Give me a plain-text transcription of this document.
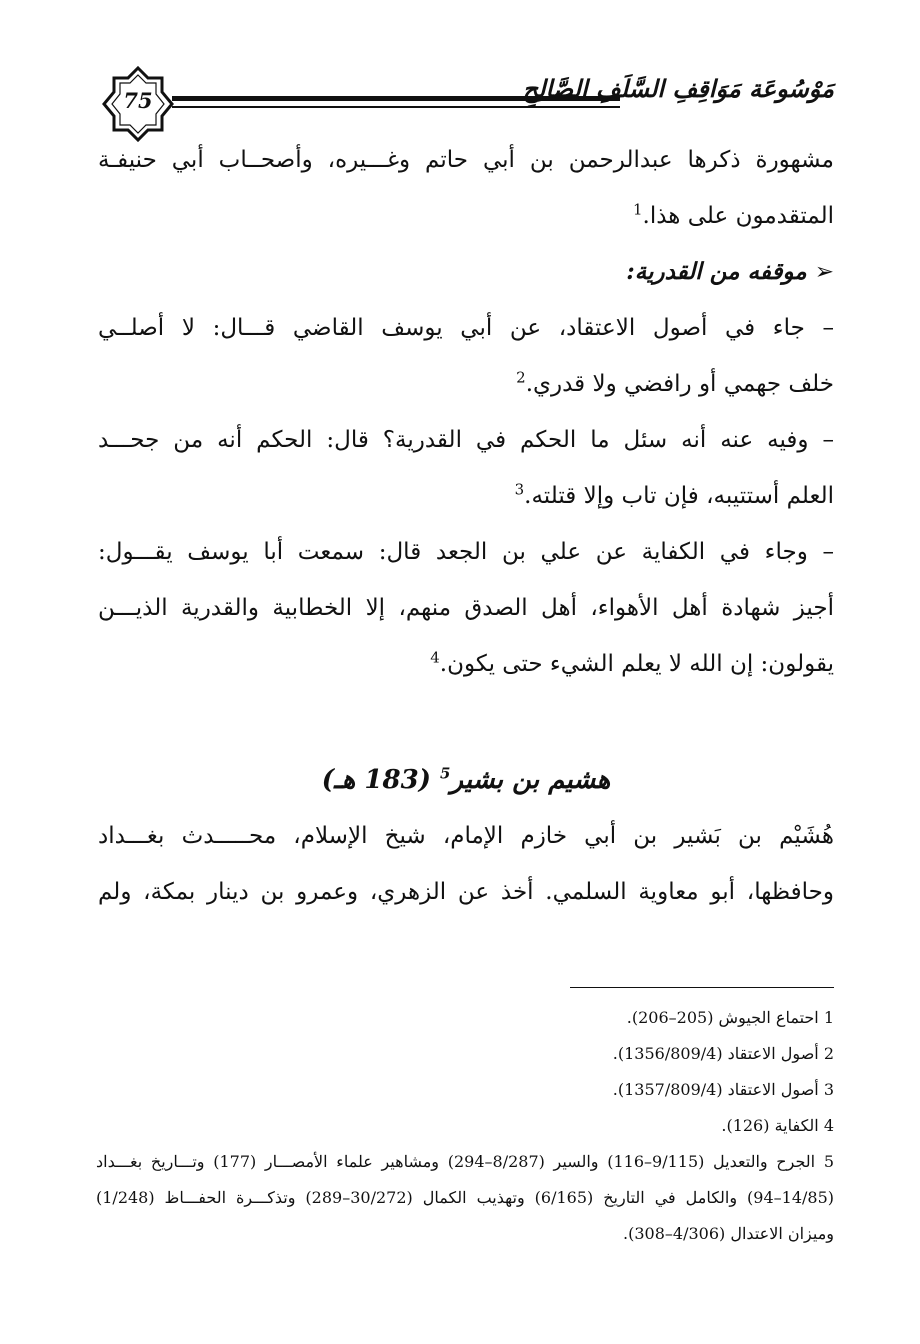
75	مَوْسُوعَة مَوَاقِفِ السَّلَفِ الصَّالِحِ
مشهورة ذكرها عبدالرحمن بن أبي حاتم وغـــيره، وأصحــاب أبي حنيفـة
المتقدمون على هذا.$^1$
➢موقفه من القدرية:
– جاء في أصول الاعتقاد، عن أبي يوسف القاضي قـــال: لا أصلــي
خلف جهمي أو رافضي ولا قدري.$^2$
– وفيه عنه أنه سئل ما الحكم في القدرية؟ قال: الحكم أنه من جحـــد
العلم أستتيبه، فإن تاب وإلا قتلته.$^3$
– وجاء في الكفاية عن علي بن الجعد قال: سمعت أبا يوسف يقـــول:
أجيز شهادة أهل الأهواء، أهل الصدق منهم، إلا الخطابية والقدرية الذيـــن
يقولون: إن الله لا يعلم الشيء حتى يكون.$^4$
هشيم بن بشير$^5$ (183 هـ)
هُشَيْم بن بَشير بن أبي خازم الإمام، شيخ الإسلام، محـــــدث بغـــداد
وحافظها، أبو معاوية السلمي. أخذ عن الزهري، وعمرو بن دينار بمكة، ولم
1 احتماع الجيوش (205–206).
2 أصول الاعتقاد (1356/809/4).
3 أصول الاعتقاد (1357/809/4).
4 الكفاية (126).
5 الجرح والتعديل (9/115–116) والسير (8/287–294) ومشاهير علماء الأمصـــار (177) وتـــاريخ بغـــداد
(14/85–94) والكامل في التاريخ (6/165) وتهذيب الكمال (30/272–289) وتذكـــرة الحفـــاظ (1/248)
وميزان الاعتدال (4/306–308).
